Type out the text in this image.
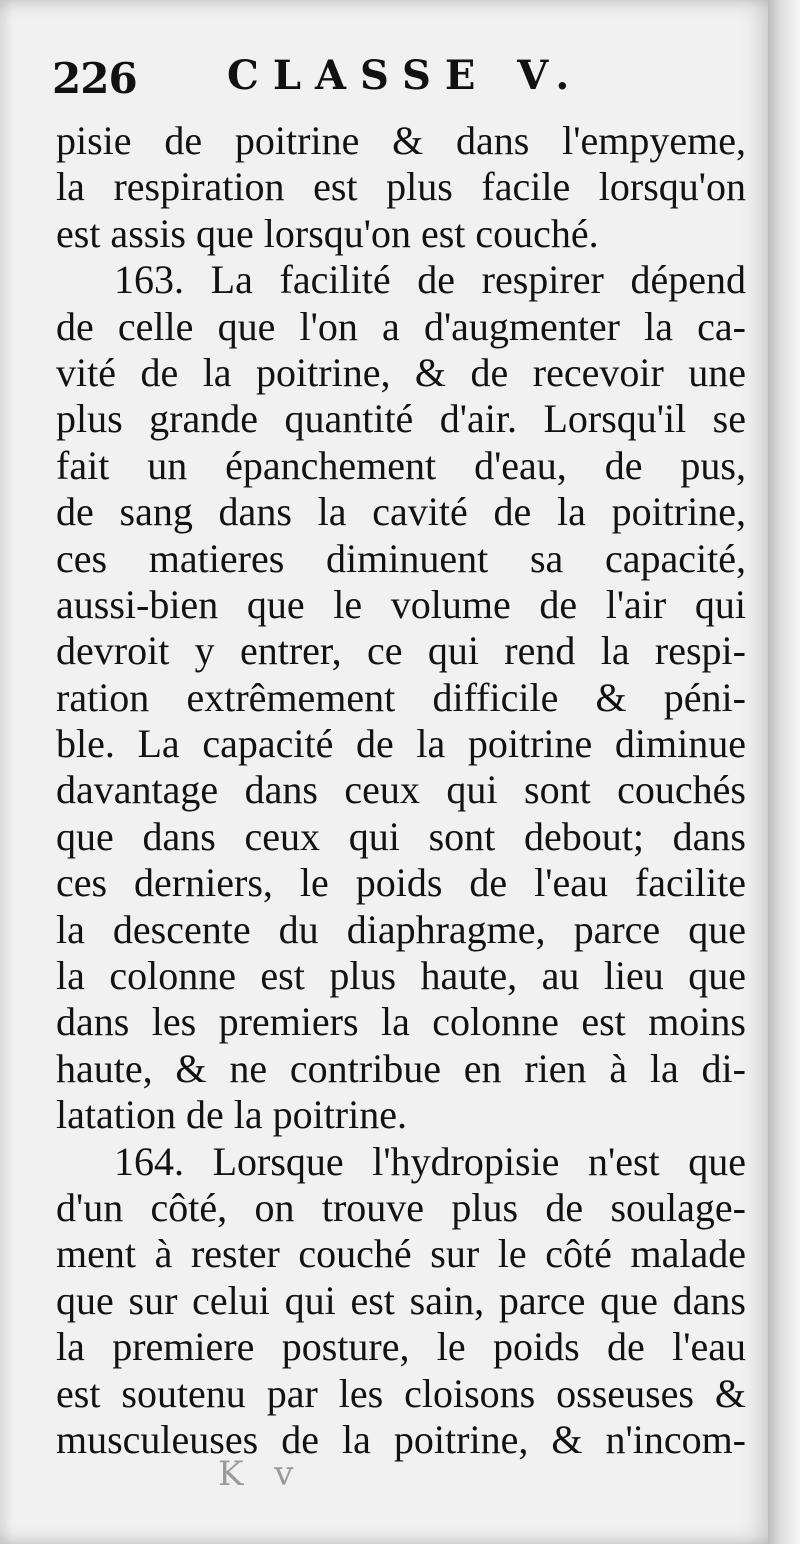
226 CLASSE V.
pisie de poitrine & dans l'empyeme,
la respiration est plus facile lorsqu'on
est assis que lorsqu'on est couché.
163. La facilité de respirer dépend
de celle que l'on a d'augmenter la ca-
vité de la poitrine, & de recevoir une
plus grande quantité d'air. Lorsqu'il se
fait un épanchement d'eau, de pus,
de sang dans la cavité de la poitrine,
ces matieres diminuent sa capacité,
aussi-bien que le volume de l'air qui
devroit y entrer, ce qui rend la respi-
ration extrêmement difficile & péni-
ble. La capacité de la poitrine diminue
davantage dans ceux qui sont couchés
que dans ceux qui sont debout; dans
ces derniers, le poids de l'eau facilite
la descente du diaphragme, parce que
la colonne est plus haute, au lieu que
dans les premiers la colonne est moins
haute, & ne contribue en rien à la di-
latation de la poitrine.
164. Lorsque l'hydropisie n'est que
d'un côté, on trouve plus de soulage-
ment à rester couché sur le côté malade
que sur celui qui est sain, parce que dans
la premiere posture, le poids de l'eau
est soutenu par les cloisons osseuses &
musculeuses de la poitrine, & n'incom-
K v
